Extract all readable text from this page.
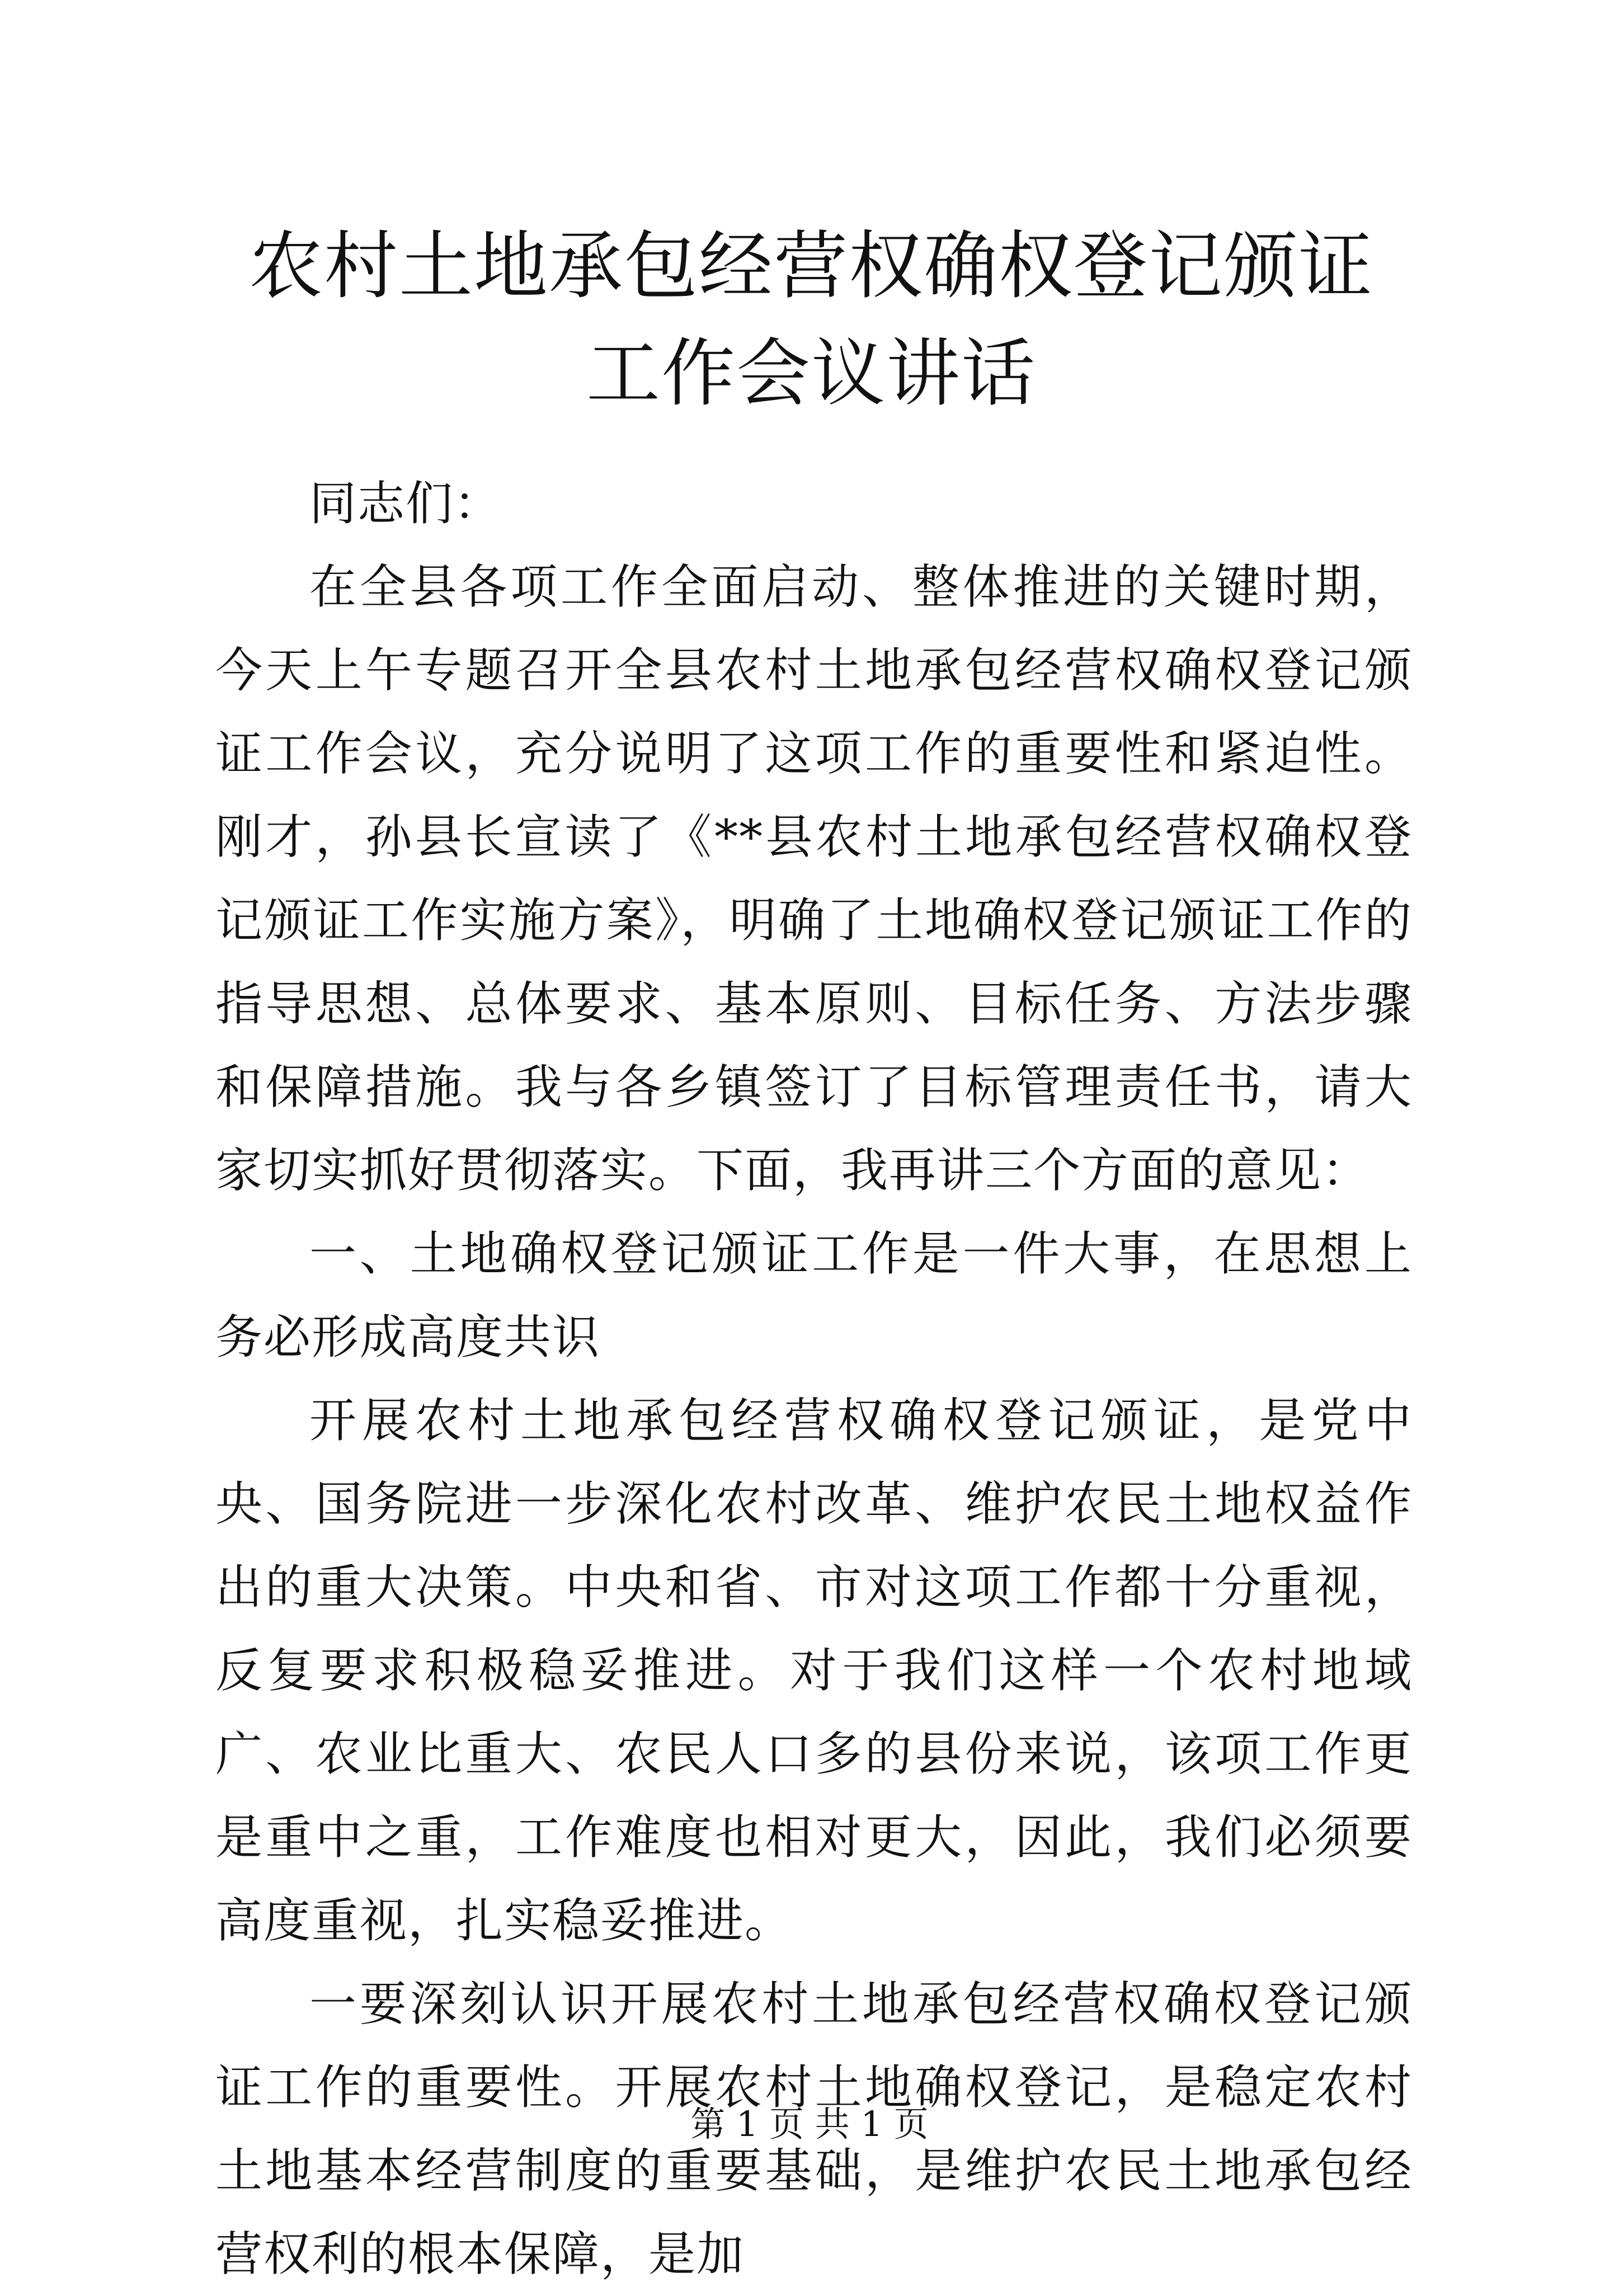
农村土地承包经营权确权登记颁证工作会议讲话

同志们：

在全县各项工作全面启动、整体推进的关键时期，今天上午专题召开全县农村土地承包经营权确权登记颁证工作会议，充分说明了这项工作的重要性和紧迫性。刚才，孙县长宣读了《**县农村土地承包经营权确权登记颁证工作实施方案》，明确了土地确权登记颁证工作的指导思想、总体要求、基本原则、目标任务、方法步骤和保障措施。我与各乡镇签订了目标管理责任书，请大家切实抓好贯彻落实。下面，我再讲三个方面的意见：

一、土地确权登记颁证工作是一件大事，在思想上务必形成高度共识

开展农村土地承包经营权确权登记颁证，是党中央、国务院进一步深化农村改革、维护农民土地权益作出的重大决策。中央和省、市对这项工作都十分重视，反复要求积极稳妥推进。对于我们这样一个农村地域广、农业比重大、农民人口多的县份来说，该项工作更是重中之重，工作难度也相对更大，因此，我们必须要高度重视，扎实稳妥推进。

一要深刻认识开展农村土地承包经营权确权登记颁证工作的重要性。开展农村土地确权登记，是稳定农村土地基本经营制度的重要基础，是维护农民土地承包经营权利的根本保障，是加

第 1 页 共 1 页
